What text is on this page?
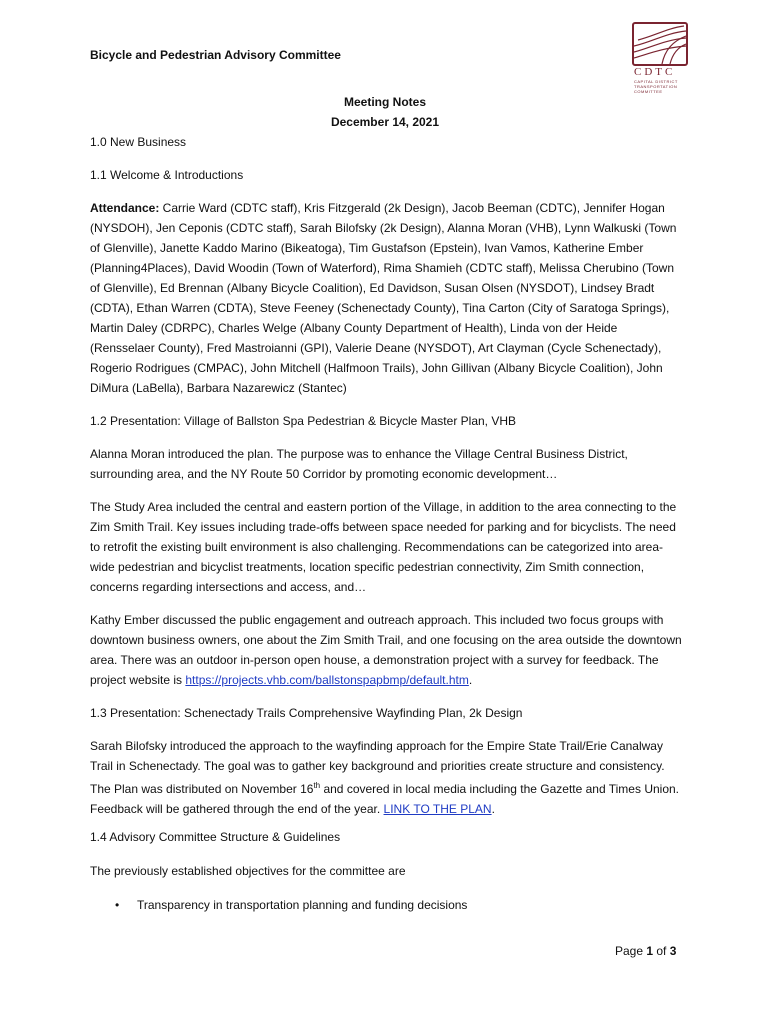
Bicycle and Pedestrian Advisory Committee
CDTC
CAPITAL DISTRICT TRANSPORTATION COMMITTEE
Meeting Notes
December 14, 2021
1.0 New Business
1.1 Welcome & Introductions
Attendance: Carrie Ward (CDTC staff), Kris Fitzgerald (2k Design), Jacob Beeman (CDTC), Jennifer Hogan (NYSDOH), Jen Ceponis (CDTC staff), Sarah Bilofsky (2k Design), Alanna Moran (VHB), Lynn Walkuski (Town of Glenville), Janette Kaddo Marino (Bikeatoga), Tim Gustafson (Epstein), Ivan Vamos, Katherine Ember (Planning4Places), David Woodin (Town of Waterford), Rima Shamieh (CDTC staff), Melissa Cherubino (Town of Glenville), Ed Brennan (Albany Bicycle Coalition), Ed Davidson, Susan Olsen (NYSDOT), Lindsey Bradt (CDTA), Ethan Warren (CDTA), Steve Feeney (Schenectady County), Tina Carton (City of Saratoga Springs), Martin Daley (CDRPC), Charles Welge (Albany County Department of Health), Linda von der Heide (Rensselaer County), Fred Mastroianni (GPI), Valerie Deane (NYSDOT), Art Clayman (Cycle Schenectady), Rogerio Rodrigues (CMPAC), John Mitchell (Halfmoon Trails), John Gillivan (Albany Bicycle Coalition), John DiMura (LaBella), Barbara Nazarewicz (Stantec)
1.2 Presentation: Village of Ballston Spa Pedestrian & Bicycle Master Plan, VHB
Alanna Moran introduced the plan. The purpose was to enhance the Village Central Business District, surrounding area, and the NY Route 50 Corridor by promoting economic development…
The Study Area included the central and eastern portion of the Village, in addition to the area connecting to the Zim Smith Trail. Key issues including trade-offs between space needed for parking and for bicyclists. The need to retrofit the existing built environment is also challenging. Recommendations can be categorized into area-wide pedestrian and bicyclist treatments, location specific pedestrian connectivity, Zim Smith connection, concerns regarding intersections and access, and…
Kathy Ember discussed the public engagement and outreach approach. This included two focus groups with downtown business owners, one about the Zim Smith Trail, and one focusing on the area outside the downtown area. There was an outdoor in-person open house, a demonstration project with a survey for feedback. The project website is https://projects.vhb.com/ballstonspapbmp/default.htm.
1.3 Presentation: Schenectady Trails Comprehensive Wayfinding Plan, 2k Design
Sarah Bilofsky introduced the approach to the wayfinding approach for the Empire State Trail/Erie Canalway Trail in Schenectady. The goal was to gather key background and priorities create structure and consistency. The Plan was distributed on November 16th and covered in local media including the Gazette and Times Union. Feedback will be gathered through the end of the year. LINK TO THE PLAN.
1.4 Advisory Committee Structure & Guidelines
The previously established objectives for the committee are
• Transparency in transportation planning and funding decisions
Page 1 of 3
